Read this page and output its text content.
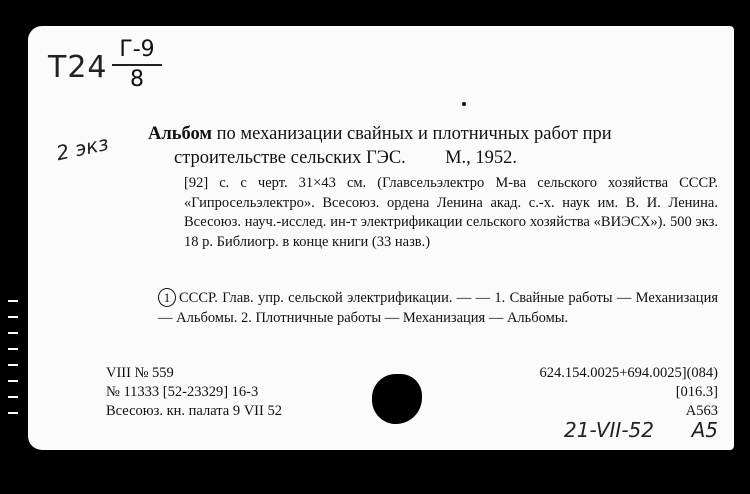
Т24
Г-9
8
2 экз Альбом по механизации свайных и плотничных работ при
строительстве сельских ГЭС. М., 1952.
[92] с. с черт. 31×43 см. (Главсельэлектро М-ва сельского хозяйства СССР. «Гипросельэлектро». Всесоюз. ордена Ленина акад. с.-х. наук им. В. И. Ленина. Всесоюз. науч.-исслед. ин-т электрификации сельского хозяйства «ВИЭСХ»). 500 экз. 18 р. Библиогр. в конце книги (33 назв.)
1 СССР. Глав. упр. сельской электрификации. — — 1. Свайные работы — Механизация — Альбомы. 2. Плотничные работы — Механизация — Альбомы.
VIII № 559
№ 11333 [52-23329] 16-3
Всесоюз. кн. палата 9 VII 52
624.154.0025+694.0025](084)
[016.3]
А563
21-VII-52 А5
